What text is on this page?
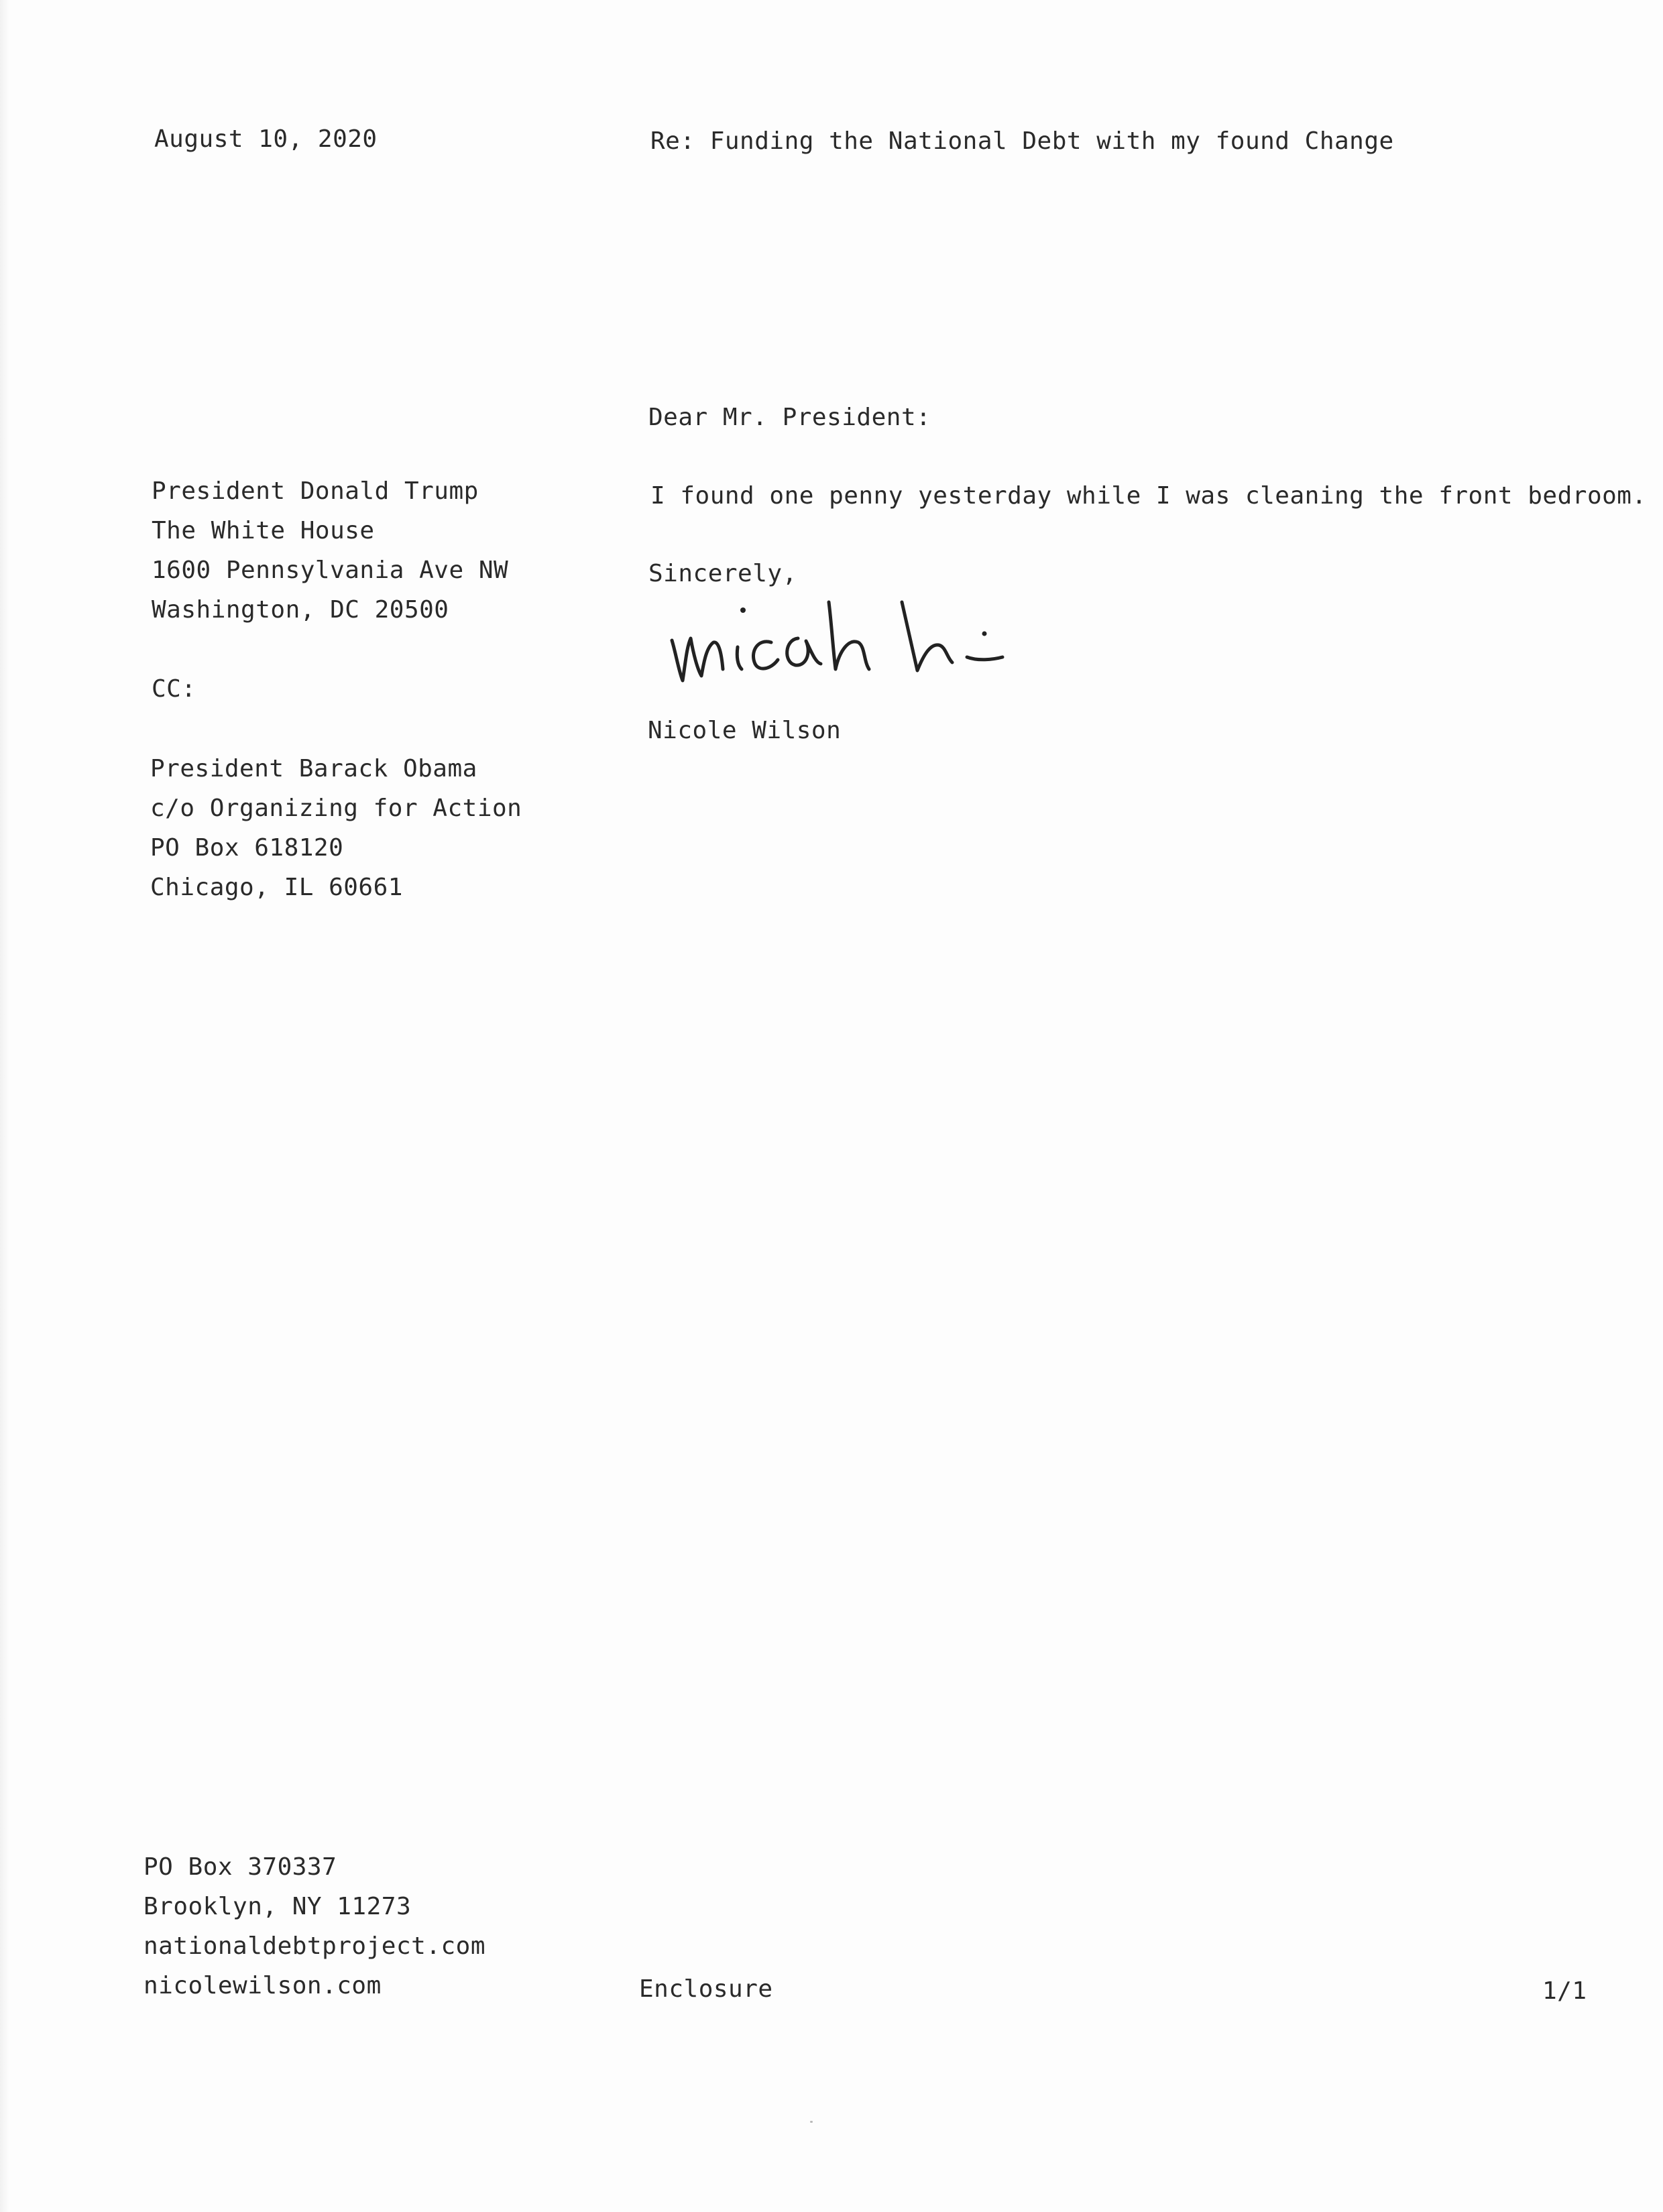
August 10, 2020	Re: Funding the National Debt with my found Change
Dear Mr. President:
I found one penny yesterday while I was cleaning the front bedroom.
Sincerely,
Nicole Wilson
President Donald Trump
The White House
1600 Pennsylvania Ave NW
Washington, DC 20500
CC:
President Barack Obama
c/o Organizing for Action
PO Box 618120
Chicago, IL 60661
PO Box 370337
Brooklyn, NY 11273
nationaldebtproject.com
nicolewilson.com	Enclosure	1/1
